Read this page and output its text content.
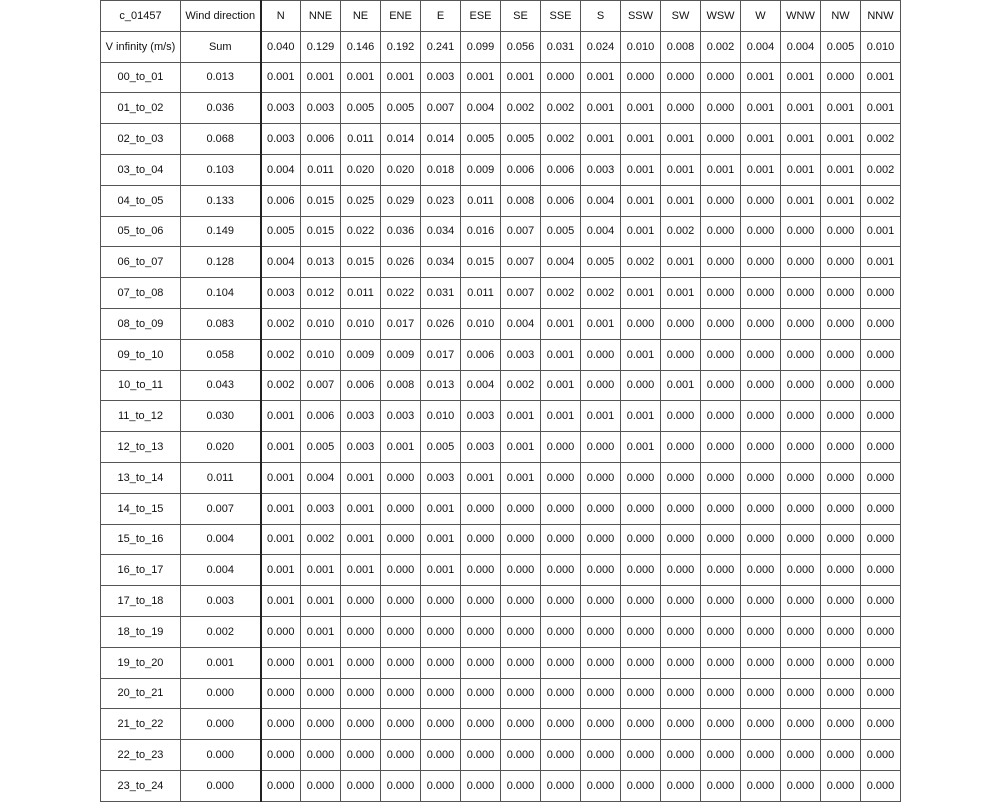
c_01457	Wind direction	N	NNE	NE	ENE	E	ESE	SE	SSE	S	SSW	SW	WSW	W	WNW	NW	NNW
V infinity (m/s)	Sum	0.040	0.129	0.146	0.192	0.241	0.099	0.056	0.031	0.024	0.010	0.008	0.002	0.004	0.004	0.005	0.010
00_to_01	0.013	0.001	0.001	0.001	0.001	0.003	0.001	0.001	0.000	0.001	0.000	0.000	0.000	0.001	0.001	0.000	0.001
01_to_02	0.036	0.003	0.003	0.005	0.005	0.007	0.004	0.002	0.002	0.001	0.001	0.000	0.000	0.001	0.001	0.001	0.001
02_to_03	0.068	0.003	0.006	0.011	0.014	0.014	0.005	0.005	0.002	0.001	0.001	0.001	0.000	0.001	0.001	0.001	0.002
03_to_04	0.103	0.004	0.011	0.020	0.020	0.018	0.009	0.006	0.006	0.003	0.001	0.001	0.001	0.001	0.001	0.001	0.002
04_to_05	0.133	0.006	0.015	0.025	0.029	0.023	0.011	0.008	0.006	0.004	0.001	0.001	0.000	0.000	0.001	0.001	0.002
05_to_06	0.149	0.005	0.015	0.022	0.036	0.034	0.016	0.007	0.005	0.004	0.001	0.002	0.000	0.000	0.000	0.000	0.001
06_to_07	0.128	0.004	0.013	0.015	0.026	0.034	0.015	0.007	0.004	0.005	0.002	0.001	0.000	0.000	0.000	0.000	0.001
07_to_08	0.104	0.003	0.012	0.011	0.022	0.031	0.011	0.007	0.002	0.002	0.001	0.001	0.000	0.000	0.000	0.000	0.000
08_to_09	0.083	0.002	0.010	0.010	0.017	0.026	0.010	0.004	0.001	0.001	0.000	0.000	0.000	0.000	0.000	0.000	0.000
09_to_10	0.058	0.002	0.010	0.009	0.009	0.017	0.006	0.003	0.001	0.000	0.001	0.000	0.000	0.000	0.000	0.000	0.000
10_to_11	0.043	0.002	0.007	0.006	0.008	0.013	0.004	0.002	0.001	0.000	0.000	0.001	0.000	0.000	0.000	0.000	0.000
11_to_12	0.030	0.001	0.006	0.003	0.003	0.010	0.003	0.001	0.001	0.001	0.001	0.000	0.000	0.000	0.000	0.000	0.000
12_to_13	0.020	0.001	0.005	0.003	0.001	0.005	0.003	0.001	0.000	0.000	0.001	0.000	0.000	0.000	0.000	0.000	0.000
13_to_14	0.011	0.001	0.004	0.001	0.000	0.003	0.001	0.001	0.000	0.000	0.000	0.000	0.000	0.000	0.000	0.000	0.000
14_to_15	0.007	0.001	0.003	0.001	0.000	0.001	0.000	0.000	0.000	0.000	0.000	0.000	0.000	0.000	0.000	0.000	0.000
15_to_16	0.004	0.001	0.002	0.001	0.000	0.001	0.000	0.000	0.000	0.000	0.000	0.000	0.000	0.000	0.000	0.000	0.000
16_to_17	0.004	0.001	0.001	0.001	0.000	0.001	0.000	0.000	0.000	0.000	0.000	0.000	0.000	0.000	0.000	0.000	0.000
17_to_18	0.003	0.001	0.001	0.000	0.000	0.000	0.000	0.000	0.000	0.000	0.000	0.000	0.000	0.000	0.000	0.000	0.000
18_to_19	0.002	0.000	0.001	0.000	0.000	0.000	0.000	0.000	0.000	0.000	0.000	0.000	0.000	0.000	0.000	0.000	0.000
19_to_20	0.001	0.000	0.001	0.000	0.000	0.000	0.000	0.000	0.000	0.000	0.000	0.000	0.000	0.000	0.000	0.000	0.000
20_to_21	0.000	0.000	0.000	0.000	0.000	0.000	0.000	0.000	0.000	0.000	0.000	0.000	0.000	0.000	0.000	0.000	0.000
21_to_22	0.000	0.000	0.000	0.000	0.000	0.000	0.000	0.000	0.000	0.000	0.000	0.000	0.000	0.000	0.000	0.000	0.000
22_to_23	0.000	0.000	0.000	0.000	0.000	0.000	0.000	0.000	0.000	0.000	0.000	0.000	0.000	0.000	0.000	0.000	0.000
23_to_24	0.000	0.000	0.000	0.000	0.000	0.000	0.000	0.000	0.000	0.000	0.000	0.000	0.000	0.000	0.000	0.000	0.000
